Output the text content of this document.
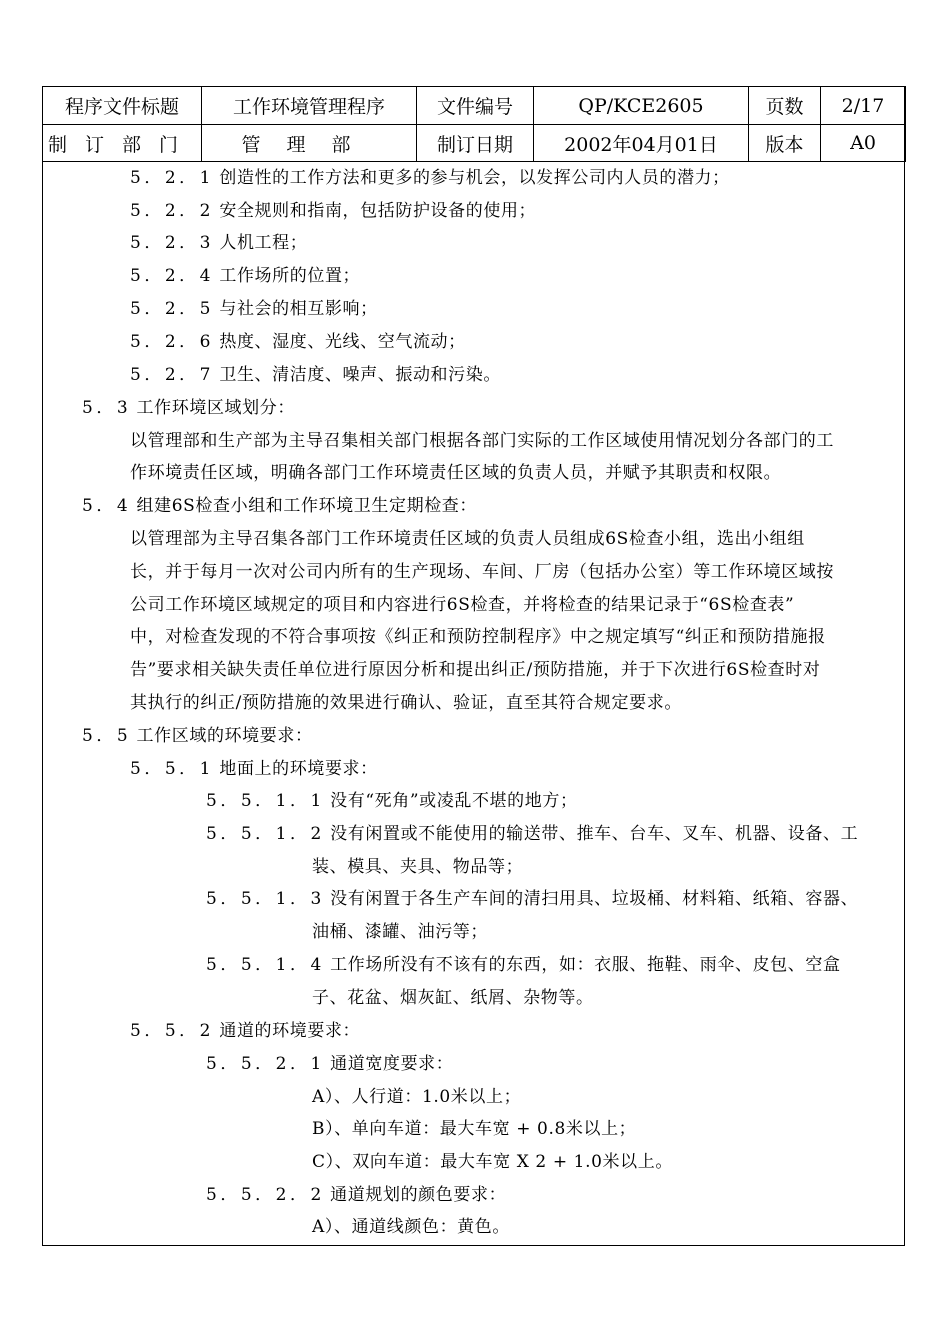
程序文件标题	工作环境管理程序	文件编号	QP/KCE2605	页数	2/17
制订部门	管理部	制订日期	2002年04月01日	版本	A0
5．2．1 创造性的工作方法和更多的参与机会，以发挥公司内人员的潜力；
5．2．2 安全规则和指南，包括防护设备的使用；
5．2．3 人机工程；
5．2．4 工作场所的位置；
5．2．5 与社会的相互影响；
5．2．6 热度、湿度、光线、空气流动；
5．2．7 卫生、清洁度、噪声、振动和污染。
5．3 工作环境区域划分：
以管理部和生产部为主导召集相关部门根据各部门实际的工作区域使用情况划分各部门的工
作环境责任区域，明确各部门工作环境责任区域的负责人员，并赋予其职责和权限。
5．4 组建6S检查小组和工作环境卫生定期检查：
以管理部为主导召集各部门工作环境责任区域的负责人员组成6S检查小组，选出小组组
长，并于每月一次对公司内所有的生产现场、车间、厂房（包括办公室）等工作环境区域按
公司工作环境区域规定的项目和内容进行6S检查，并将检查的结果记录于“6S检查表”
中，对检查发现的不符合事项按《纠正和预防控制程序》中之规定填写“纠正和预防措施报
告”要求相关缺失责任单位进行原因分析和提出纠正/预防措施，并于下次进行6S检查时对
其执行的纠正/预防措施的效果进行确认、验证，直至其符合规定要求。
5．5 工作区域的环境要求：
5．5．1 地面上的环境要求：
5．5．1．1 没有“死角”或凌乱不堪的地方；
5．5．1．2 没有闲置或不能使用的输送带、推车、台车、叉车、机器、设备、工
装、模具、夹具、物品等；
5．5．1．3 没有闲置于各生产车间的清扫用具、垃圾桶、材料箱、纸箱、容器、
油桶、漆罐、油污等；
5．5．1．4 工作场所没有不该有的东西，如：衣服、拖鞋、雨伞、皮包、空盒
子、花盆、烟灰缸、纸屑、杂物等。
5．5．2 通道的环境要求：
5．5．2．1 通道宽度要求：
A）、人行道：1.0米以上；
B）、单向车道：最大车宽 + 0.8米以上；
C）、双向车道：最大车宽 X 2 + 1.0米以上。
5．5．2．2 通道规划的颜色要求：
A）、通道线颜色：黄色。
